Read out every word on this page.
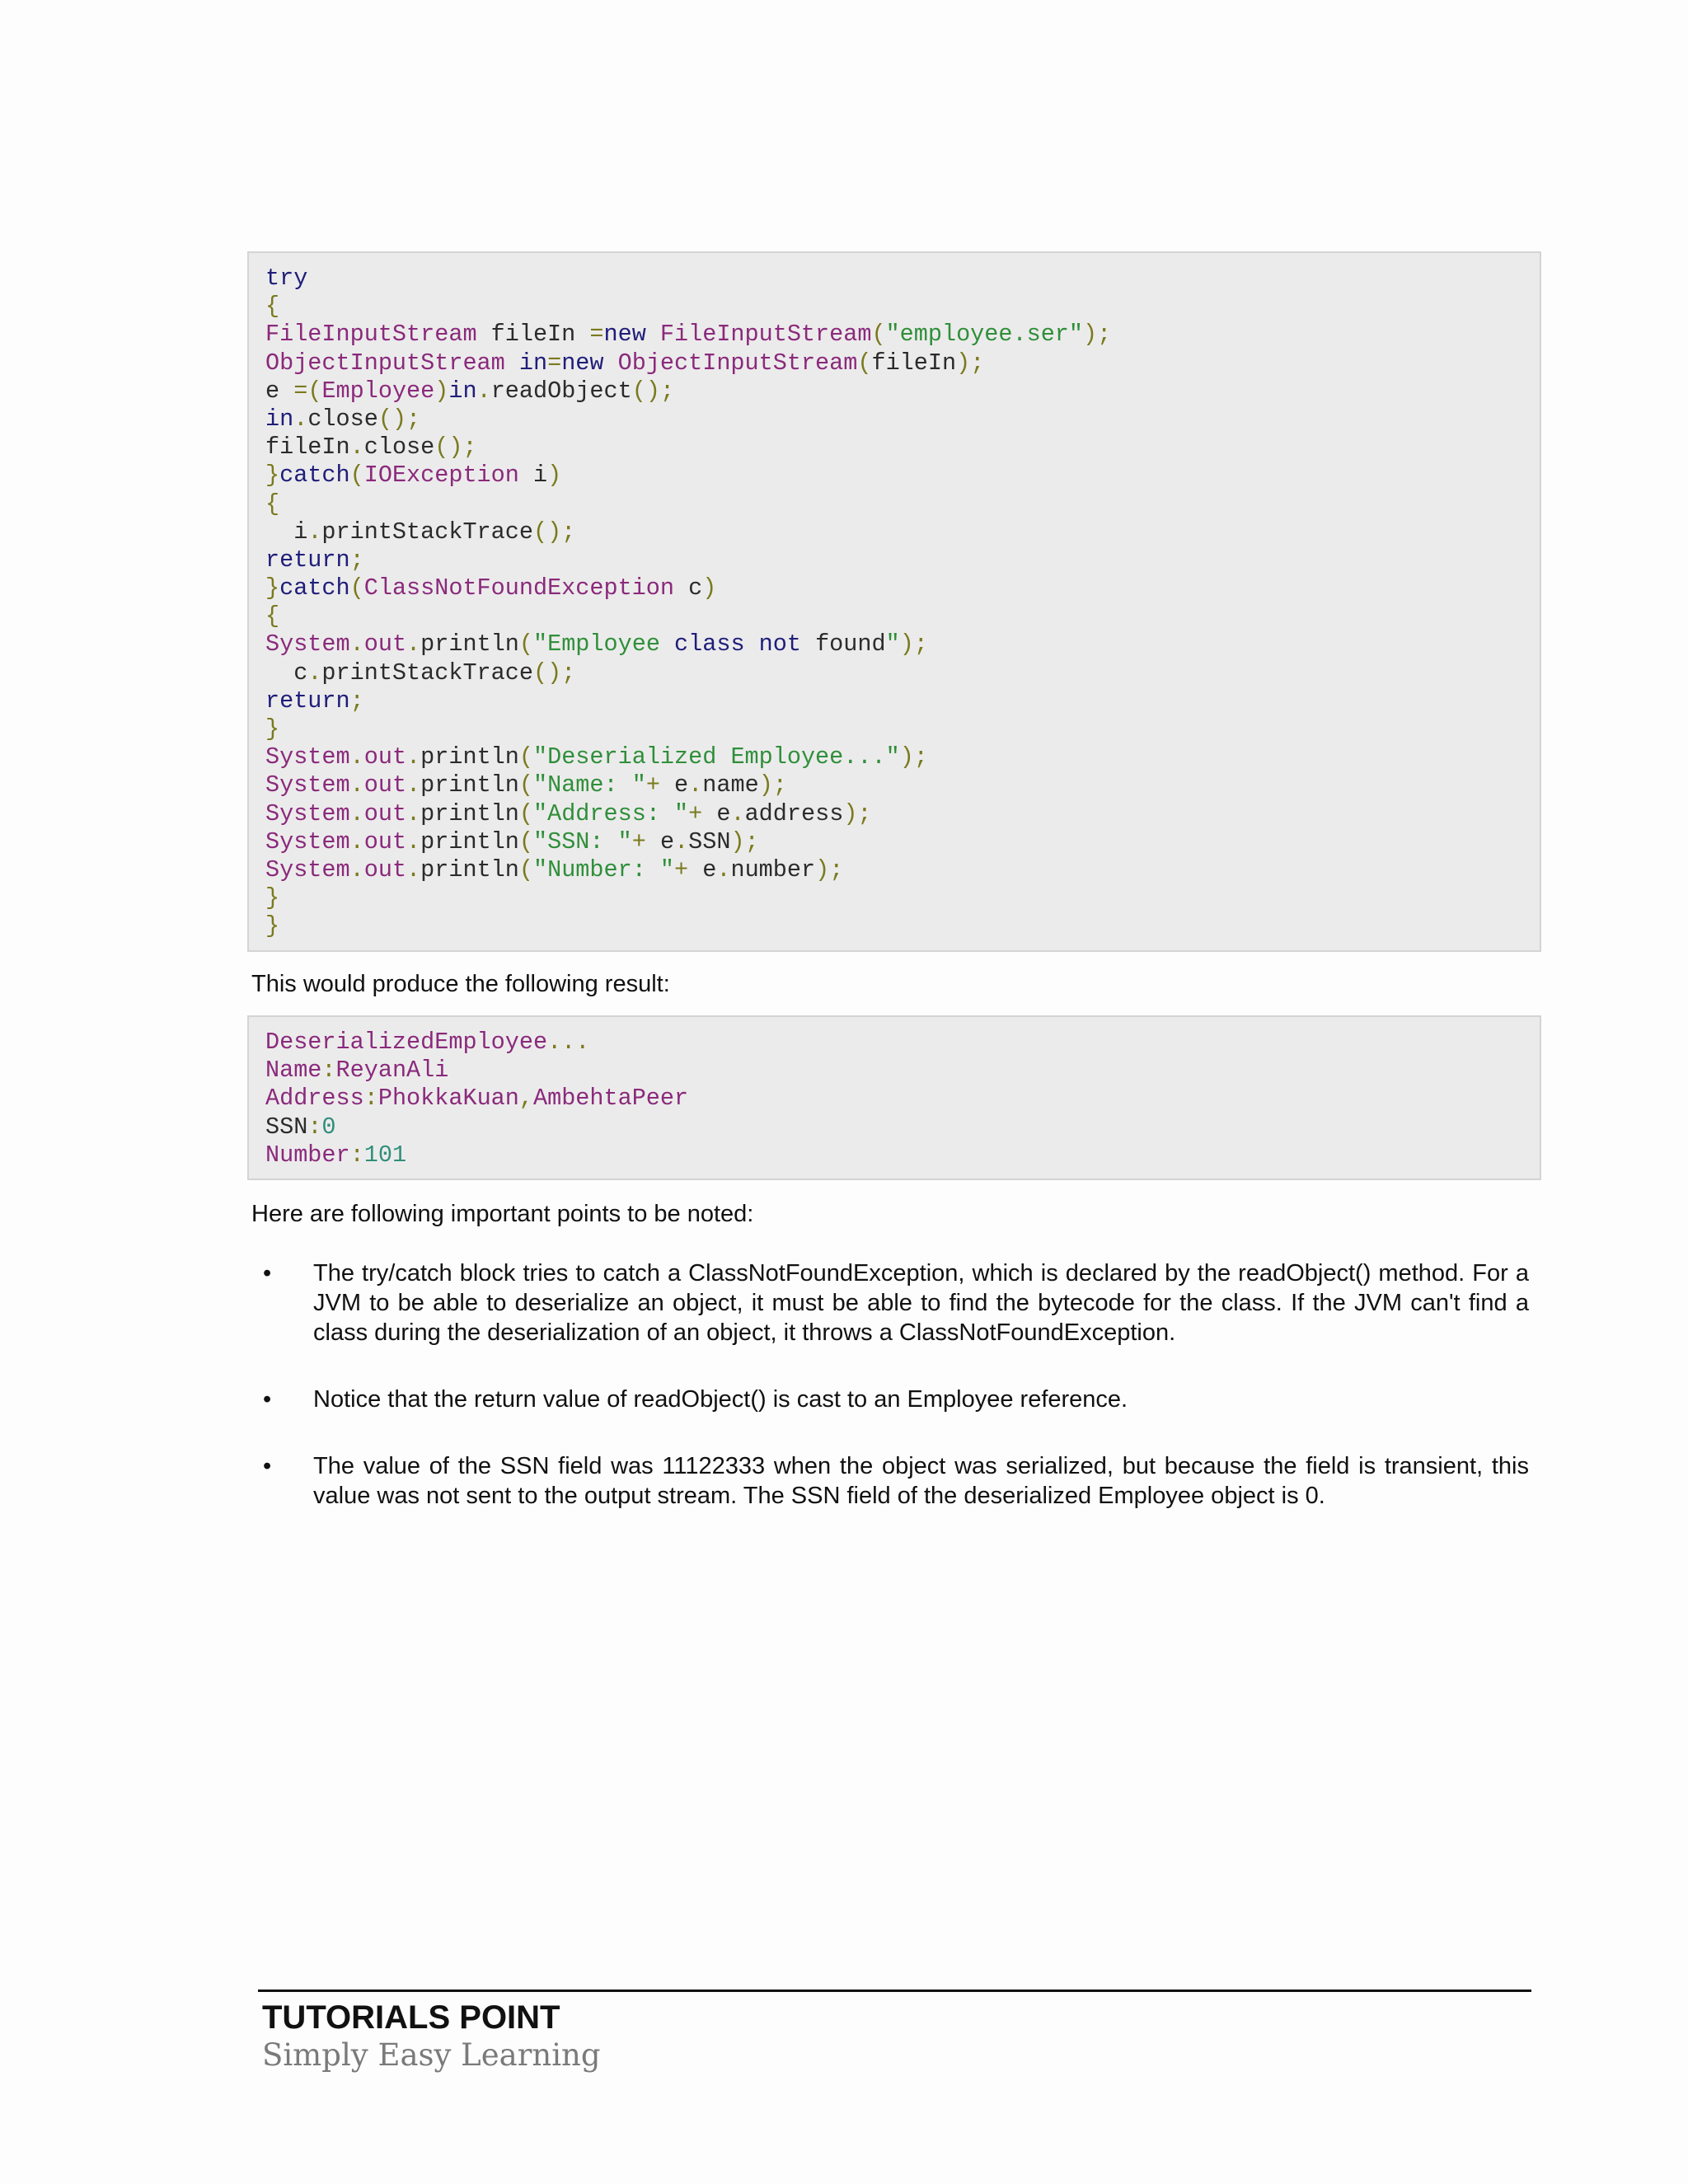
try
{
FileInputStream fileIn =new FileInputStream("employee.ser");
ObjectInputStream in=new ObjectInputStream(fileIn);
e =(Employee)in.readObject();
in.close();
fileIn.close();
}catch(IOException i)
{
i.printStackTrace();
return;
}catch(ClassNotFoundException c)
{
System.out.println("Employee class not found");
c.printStackTrace();
return;
}
System.out.println("Deserialized Employee...");
System.out.println("Name: "+ e.name);
System.out.println("Address: "+ e.address);
System.out.println("SSN: "+ e.SSN);
System.out.println("Number: "+ e.number);
}
}
This would produce the following result:
DeserializedEmployee...
Name:ReyanAli
Address:PhokkaKuan,AmbehtaPeer
SSN:0
Number:101
Here are following important points to be noted:
• The try/catch block tries to catch a ClassNotFoundException, which is declared by the readObject() method. For a JVM to be able to deserialize an object, it must be able to find the bytecode for the class. If the JVM can't find a class during the deserialization of an object, it throws a ClassNotFoundException.
• Notice that the return value of readObject() is cast to an Employee reference.
• The value of the SSN field was 11122333 when the object was serialized, but because the field is transient, this value was not sent to the output stream. The SSN field of the deserialized Employee object is 0.
TUTORIALS POINT
Simply Easy Learning
